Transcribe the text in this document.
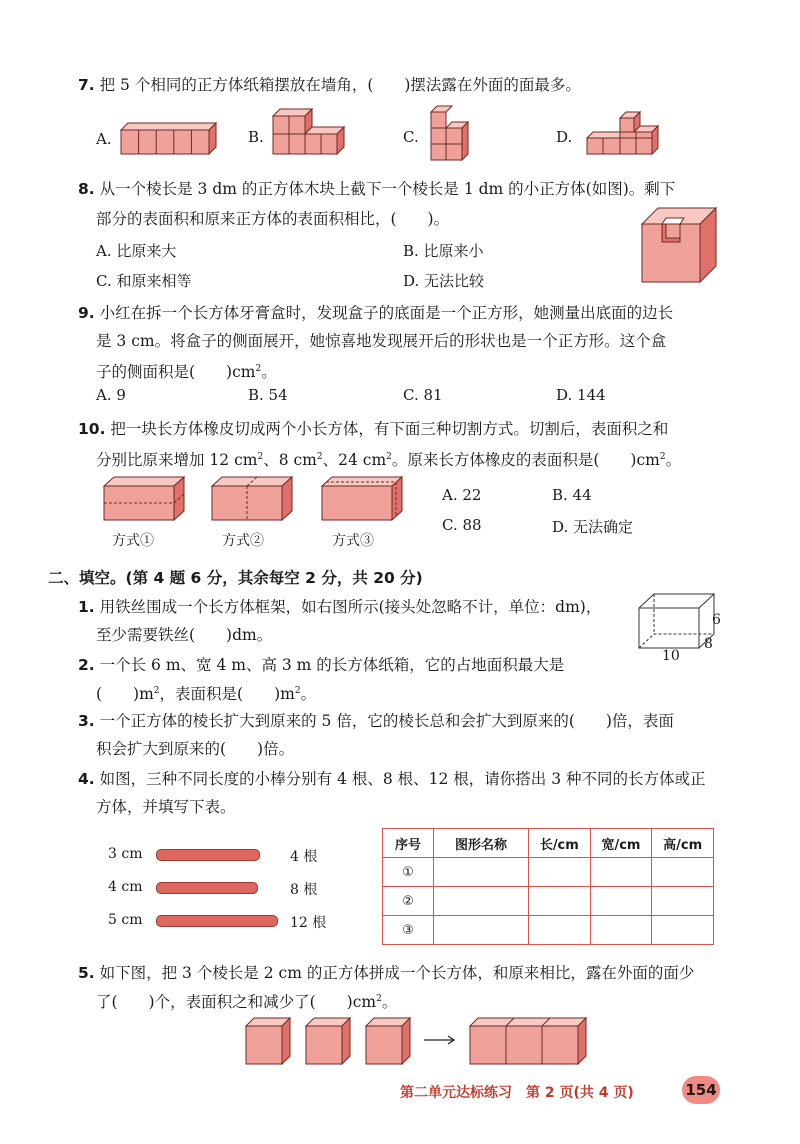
7. 把 5 个相同的正方体纸箱摆放在墙角，(　　)摆法露在外面的面最多。
A.	B.	C.	D.
8. 从一个棱长是 3 dm 的正方体木块上截下一个棱长是 1 dm 的小正方体(如图)。剩下
部分的表面积和原来正方体的表面积相比，(　　)。
A. 比原来大	B. 比原来小
C. 和原来相等	D. 无法比较
9. 小红在拆一个长方体牙膏盒时，发现盒子的底面是一个正方形，她测量出底面的边长
是 3 cm。将盒子的侧面展开，她惊喜地发现展开后的形状也是一个正方形。这个盒
子的侧面积是(　　)$cm^2$。
A. 9	B. 54	C. 81	D. 144
10. 把一块长方体橡皮切成两个小长方体，有下面三种切割方式。切割后，表面积之和
分别比原来增加 12 $cm^2$、8 $cm^2$、24 $cm^2$。原来长方体橡皮的表面积是(　　)$cm^2$。
方式①	方式②	方式③
A. 22	B. 44
C. 88	D. 无法确定
二、填空。(第 4 题 6 分，其余每空 2 分，共 20 分)
1. 用铁丝围成一个长方体框架，如右图所示(接头处忽略不计，单位：dm)，
至少需要铁丝(　　)dm。
6
8
10
2. 一个长 6 m、宽 4 m、高 3 m 的长方体纸箱，它的占地面积最大是
(　　)$m^2$，表面积是(　　)$m^2$。
3. 一个正方体的棱长扩大到原来的 5 倍，它的棱长总和会扩大到原来的(　　)倍，表面
积会扩大到原来的(　　)倍。
4. 如图，三种不同长度的小棒分别有 4 根、8 根、12 根，请你搭出 3 种不同的长方体或正
方体，并填写下表。
3 cm	4 根
4 cm	8 根
5 cm	12 根
序号	图形名称	长/cm	宽/cm	高/cm
①				
②				
③				
5. 如下图，把 3 个棱长是 2 cm 的正方体拼成一个长方体，和原来相比，露在外面的面少
了(　　)个，表面积之和减少了(　　)$cm^2$。
第二单元达标练习　第 2 页(共 4 页)	154
